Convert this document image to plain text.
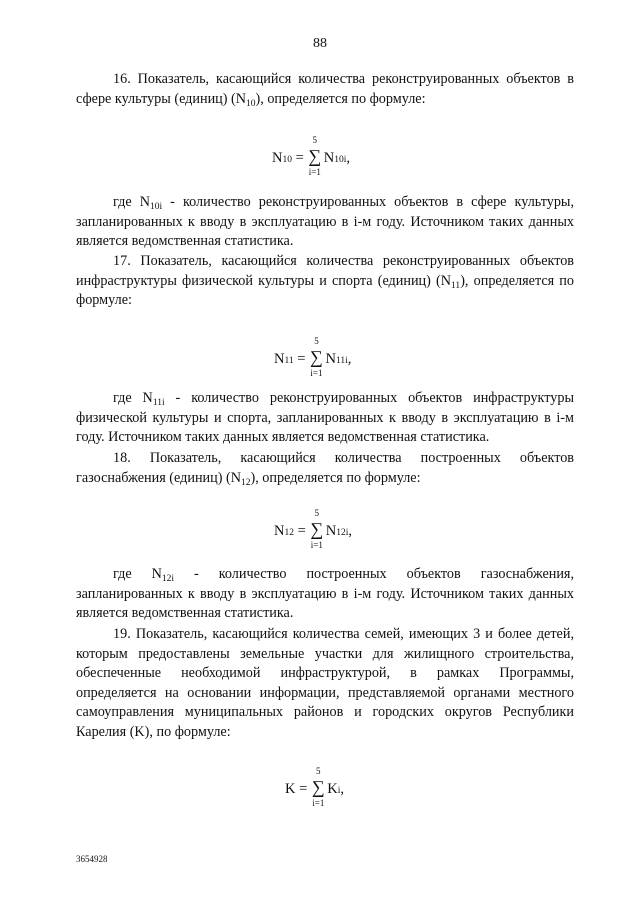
88
16. Показатель, касающийся количества реконструированных объектов в сфере культуры (единиц) $(N_{10})$, определяется по формуле:
N 10
=
5
∑
i=1
N 10i ,
где $N_{10i}$ - количество реконструированных объектов в сфере культуры, запланированных к вводу в эксплуатацию в i-м году. Источником таких данных является ведомственная статистика.
17. Показатель, касающийся количества реконструированных объектов инфраструктуры физической культуры и спорта (единиц) $(N_{11})$, определяется по формуле:
N 11
=
5
∑
i=1
N 11i ,
где $N_{11i}$ - количество реконструированных объектов инфраструктуры физической культуры и спорта, запланированных к вводу в эксплуатацию в i-м году. Источником таких данных является ведомственная статистика.
18. Показатель, касающийся количества построенных объектов газоснабжения (единиц) $(N_{12})$, определяется по формуле:
N 12
=
5
∑
i=1
N 12i ,
где $N_{12i}$ - количество построенных объектов газоснабжения, запланированных к вводу в эксплуатацию в i-м году. Источником таких данных является ведомственная статистика.
19. Показатель, касающийся количества семей, имеющих 3 и более детей, которым предоставлены земельные участки для жилищного строительства, обеспеченные необходимой инфраструктурой, в рамках Программы, определяется на основании информации, представляемой органами местного самоуправления муниципальных районов и городских округов Республики Карелия (K), по формуле:
K
=
5
∑
i=1
K i ,
3654928
